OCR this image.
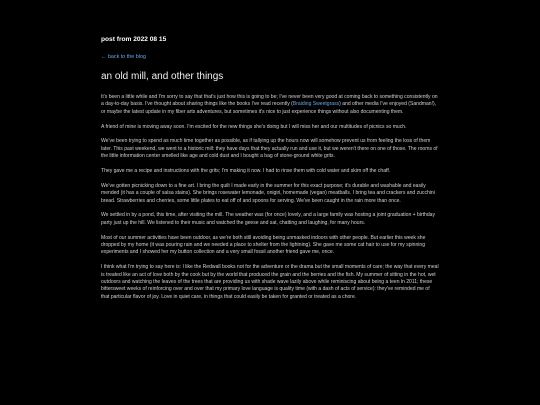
post from 2022 08 15
← back to the blog
an old mill, and other things

It's been a little while and I'm sorry to say that that's just how this is going to be; I've never been very good at coming back to something consistently on a day-to-day basis. I've thought about sharing things like the books I've read recently (Braiding Sweetgrass) and other media I've enjoyed (Sandman!), or maybe the latest update in my fiber arts adventures, but sometimes it's nice to just experience things without also documenting them.

A friend of mine is moving away soon. I'm excited for the new things she's doing but I will miss her and our multitudes of picnics so much.

We've been trying to spend as much time together as possible, as if tallying up the hours now will somehow prevent us from feeling the loss of them later. This past weekend, we went to a historic mill: they have days that they actually run and use it, but we weren't there on one of those. The rooms of the little information center smelled like age and cold dust and I bought a bag of stone-ground white grits.

They gave me a recipe and instructions with the grits; I'm making it now. I had to rinse them with cold water and skim off the chaff.

We've gotten picnicking down to a fine art. I bring the quilt I made early in the summer for this exact purpose; it's durable and washable and easily mended (it has a couple of salsa stains). She brings rosewater lemonade, onigiri, homemade (vegan) meatballs. I bring tea and crackers and zucchini bread. Strawberries and cherries, some little plates to eat off of and spoons for serving. We've been caught in the rain more than once.

We settled in by a pond, this time, after visiting the mill. The weather was (for once) lovely, and a large family was hosting a joint graduation + birthday party just up the hill. We listened to their music and watched the geese and sat, chatting and laughing, for many hours.

Most of our summer activities have been outdoor, as we're both still avoiding being unmasked indoors with other people. But earlier this week she dropped by my home (it was pouring rain and we needed a place to shelter from the lightning). She gave me some cat hair to use for my spinning experiments and I showed her my button collection and a very small fossil another friend gave me, once.

I think what I'm trying to say here is: I like the Redwall books not for the adventure or the drama but the small moments of care; the way that every meal is treated like an act of love both by the cook but by the world that produced the grain and the berries and the fish. My summer of sitting in the hot, wet outdoors and watching the leaves of the trees that are providing us with shade wave lazily above while reminiscing about being a teen in 2011; these bittersweet weeks of reinforcing over and over that my primary love language is quality time (with a dash of acts of service): they've reminded me of that particular flavor of joy. Love in quiet care, in things that could easily be taken for granted or treated as a chore.
